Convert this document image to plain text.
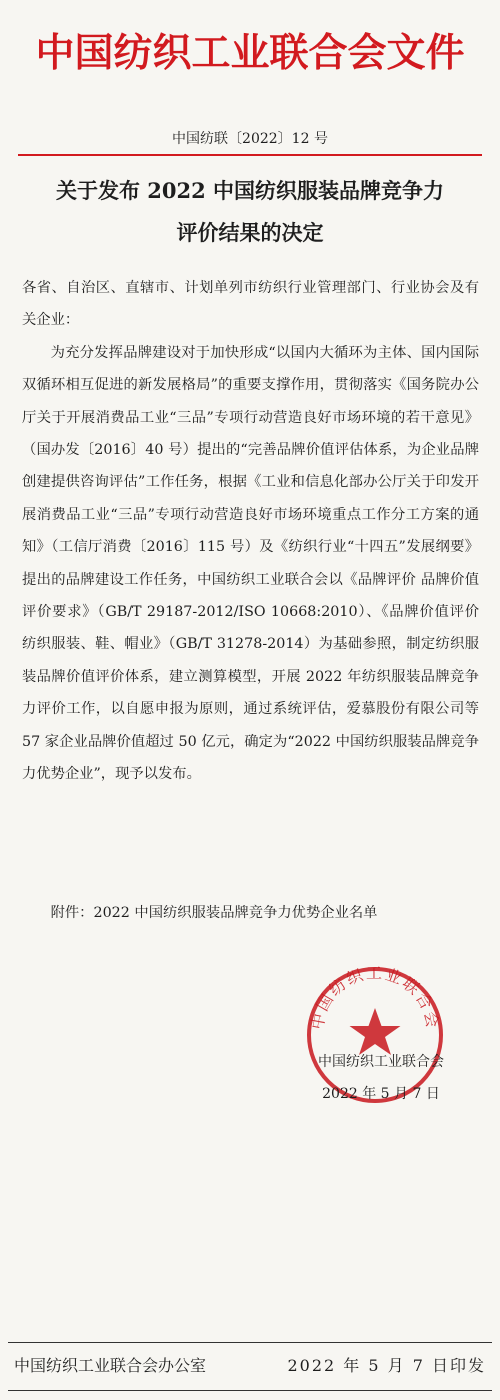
中国纺织工业联合会文件
中国纺联〔2022〕12 号
关于发布 2022 中国纺织服装品牌竞争力
评价结果的决定

各省、自治区、直辖市、计划单列市纺织行业管理部门、行业协会及有关企业：

为充分发挥品牌建设对于加快形成“以国内大循环为主体、国内国际双循环相互促进的新发展格局”的重要支撑作用，贯彻落实《国务院办公厅关于开展消费品工业“三品”专项行动营造良好市场环境的若干意见》（国办发〔2016〕40 号）提出的“完善品牌价值评估体系，为企业品牌创建提供咨询评估”工作任务，根据《工业和信息化部办公厅关于印发开展消费品工业“三品”专项行动营造良好市场环境重点工作分工方案的通知》（工信厅消费〔2016〕115 号）及《纺织行业“十四五”发展纲要》提出的品牌建设工作任务，中国纺织工业联合会以《品牌评价 品牌价值评价要求》（GB/T 29187-2012/ISO 10668:2010）、《品牌价值评价 纺织服装、鞋、帽业》（GB/T 31278-2014）为基础参照，制定纺织服装品牌价值评价体系，建立测算模型，开展 2022 年纺织服装品牌竞争力评价工作，以自愿申报为原则，通过系统评估，爱慕股份有限公司等 57 家企业品牌价值超过 50 亿元，确定为“2022 中国纺织服装品牌竞争力优势企业”，现予以发布。

附件：2022 中国纺织服装品牌竞争力优势企业名单
中国纺织工业联合会
中国纺织工业联合会
2022 年 5 月 7 日
中国纺织工业联合会办公室	2022 年 5 月 7 日印发
